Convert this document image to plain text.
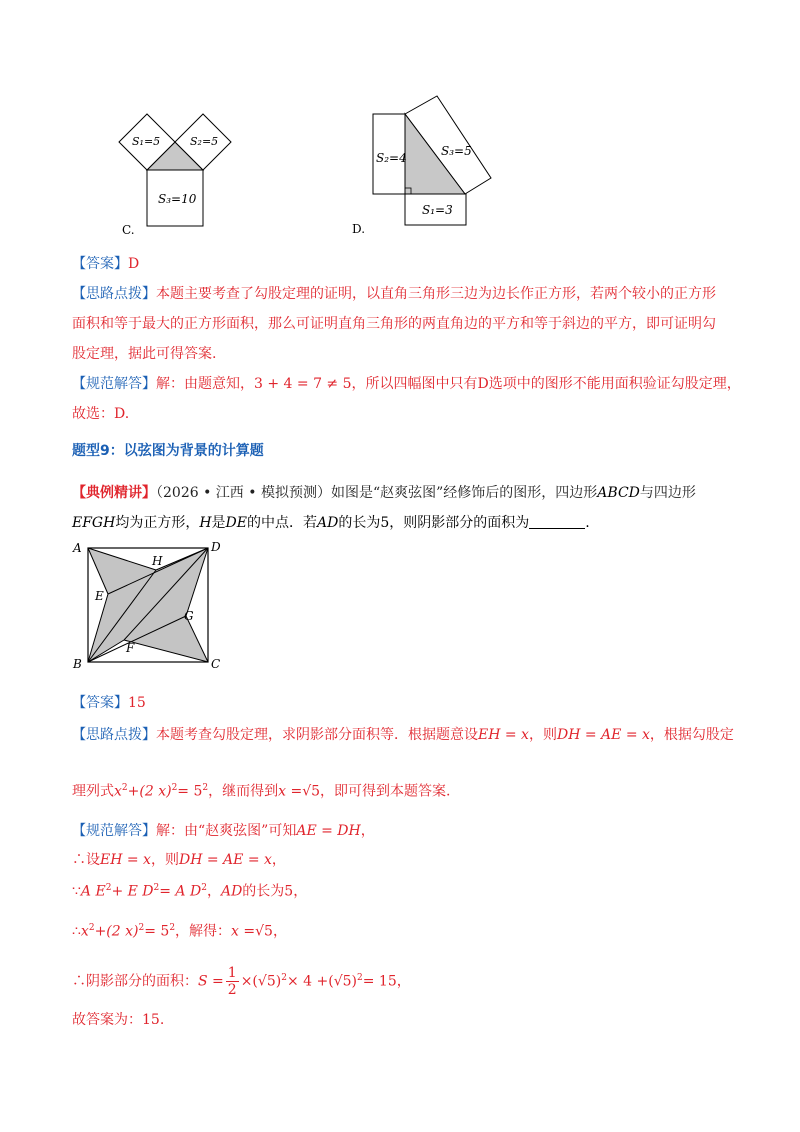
S₁=5	S₂=5
S₃=10
C.
S₂=4	S₃=5
S₁=3
D.
【答案】D
【思路点拨】本题主要考查了勾股定理的证明，以直角三角形三边为边长作正方形，若两个较小的正方形
面积和等于最大的正方形面积，那么可证明直角三角形的两直角边的平方和等于斜边的平方，即可证明勾
股定理，据此可得答案.
【规范解答】解：由题意知，3 + 4 = 7 ≠ 5，所以四幅图中只有D选项中的图形不能用面积验证勾股定理，
故选：D.
题型9：以弦图为背景的计算题
【典例精讲】（2026 • 江西 • 模拟预测）如图是“赵爽弦图”经修饰后的图形，四边形ABCD与四边形
EFGH均为正方形，H是DE的中点．若AD的长为5，则阴影部分的面积为	.
A	D
B	C
H
E
G
F
【答案】15
【思路点拨】本题考查勾股定理，求阴影部分面积等．根据题意设EH = x，则DH = AE = x，根据勾股定
理列式$x^2+(2$ $x)^2= 5^2$，继而得到x =√5，即可得到本题答案.
【规范解答】解：由“赵爽弦图”可知AE = DH，
∴设EH = x，则DH = AE = x，
∵A $E^2+ E$ $D^2= A$ $D^2$，AD的长为5，
$\therefore x^2+(2$ $x)^2= 5^2$，解得：x =√5，
∴阴影部分的面积：$S = \frac{1}{2} \times(√5)^2\times 4 +(√5)^2= 15$，
故答案为：15.
